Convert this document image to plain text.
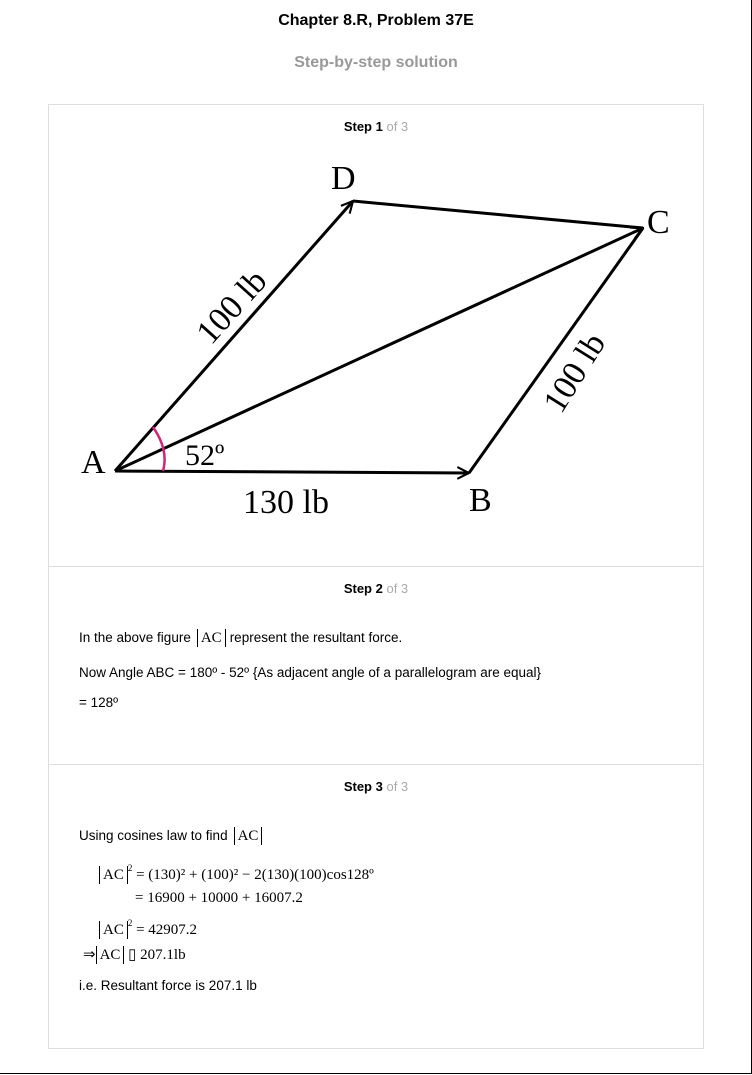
Chapter 8.R, Problem 37E
Step-by-step solution
Step 1 of 3
A
B
C
D
52º
130 lb
100 lb
100 lb
Step 2 of 3
In the above figure AC represent the resultant force.
Now Angle ABC = 180º - 52º {As adjacent angle of a parallelogram are equal}
= 128º
Step 3 of 3
Using cosines law to find AC
AC $^2$ = (130)² + (100)² − 2(130)(100)cos128º
= 16900 + 10000 + 16007.2
AC $^2$ = 42907.2
⇒ AC ▯ 207.1lb
i.e. Resultant force is 207.1 lb
